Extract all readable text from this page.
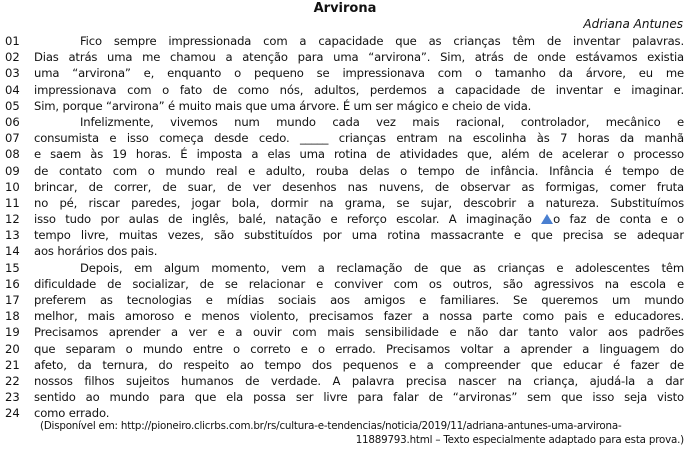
Arvirona
Adriana Antunes
01	Fico sempre impressionada com a capacidade que as crianças têm de inventar palavras.
02	Dias atrás uma me chamou a atenção para uma “arvirona”. Sim, atrás de onde estávamos existia
03	uma “arvirona” e, enquanto o pequeno se impressionava com o tamanho da árvore, eu me
04	impressionava com o fato de como nós, adultos, perdemos a capacidade de inventar e imaginar.
05	Sim, porque “arvirona” é muito mais que uma árvore. É um ser mágico e cheio de vida.
06	Infelizmente, vivemos num mundo cada vez mais racional, controlador, mecânico e
07	consumista e isso começa desde cedo. _____ crianças entram na escolinha às 7 horas da manhã
08	e saem às 19 horas. É imposta a elas uma rotina de atividades que, além de acelerar o processo
09	de contato com o mundo real e adulto, rouba delas o tempo de infância. Infância é tempo de
10	brincar, de correr, de suar, de ver desenhos nas nuvens, de observar as formigas, comer fruta
11	no pé, riscar paredes, jogar bola, dormir na grama, se sujar, descobrir a natureza. Substituímos
12	isso tudo por aulas de inglês, balé, natação e reforço escolar. A imaginação o faz de conta e o
13	tempo livre, muitas vezes, são substituídos por uma rotina massacrante e que precisa se adequar
14	aos horários dos pais.
15	Depois, em algum momento, vem a reclamação de que as crianças e adolescentes têm
16	dificuldade de socializar, de se relacionar e conviver com os outros, são agressivos na escola e
17	preferem as tecnologias e mídias sociais aos amigos e familiares. Se queremos um mundo
18	melhor, mais amoroso e menos violento, precisamos fazer a nossa parte como pais e educadores.
19	Precisamos aprender a ver e a ouvir com mais sensibilidade e não dar tanto valor aos padrões
20	que separam o mundo entre o correto e o errado. Precisamos voltar a aprender a linguagem do
21	afeto, da ternura, do respeito ao tempo dos pequenos e a compreender que educar é fazer de
22	nossos filhos sujeitos humanos de verdade. A palavra precisa nascer na criança, ajudá-la a dar
23	sentido ao mundo para que ela possa ser livre para falar de “arvironas” sem que isso seja visto
24	como errado.
(Disponível em: http://pioneiro.clicrbs.com.br/rs/cultura-e-tendencias/noticia/2019/11/adriana-antunes-uma-arvirona-
11889793.html – Texto especialmente adaptado para esta prova.)
